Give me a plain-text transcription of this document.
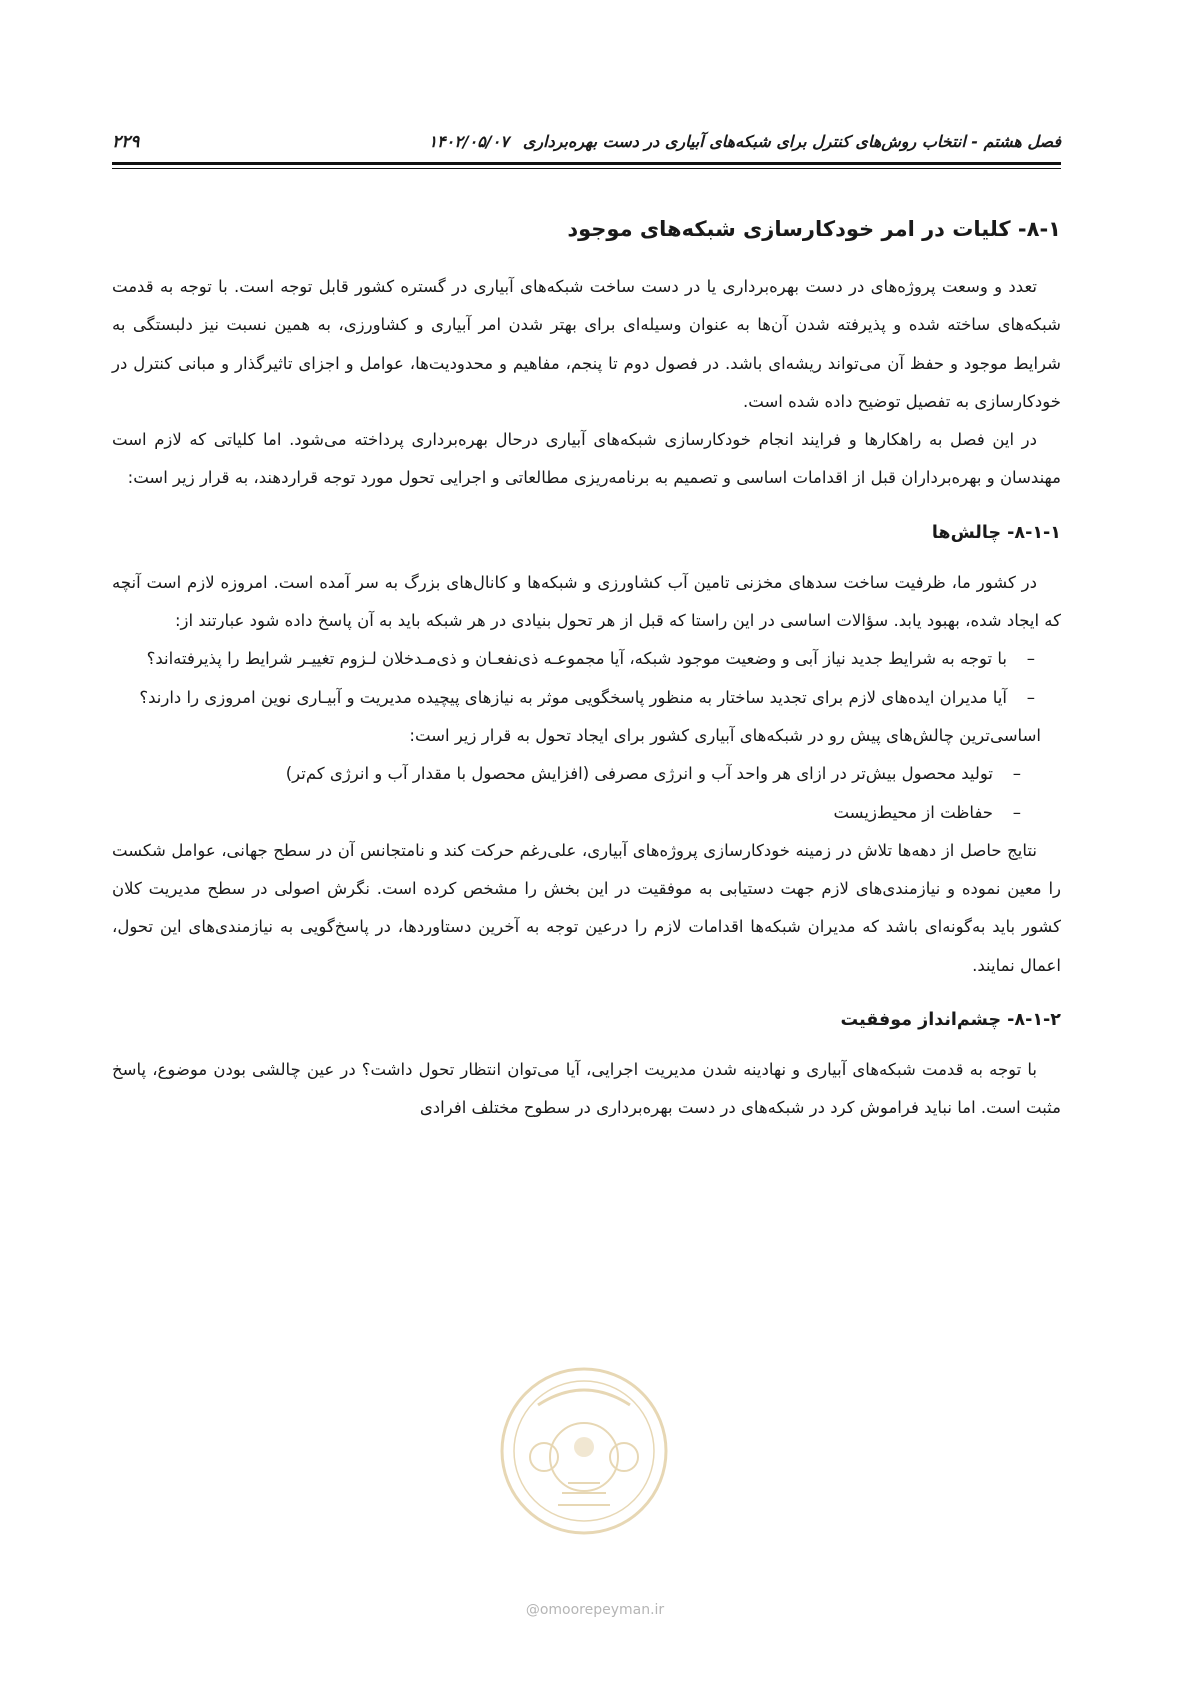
فصل هشتم - انتخاب روش‌های کنترل برای شبکه‌های آبیاری در دست بهره‌برداری۱۴۰۲/۰۵/۰۷
۲۲۹
۸-۱- کلیات در امر خودکارسازی شبکه‌های موجود

تعدد و وسعت پروژه‌های در دست بهره‌برداری یا در دست ساخت شبکه‌های آبیاری در گستره کشور قابل توجه است. با توجه به قدمت شبکه‌های ساخته شده و پذیرفته شدن آن‌ها به عنوان وسیله‌ای برای بهتر شدن امر آبیاری و کشاورزی، به همین نسبت نیز دلبستگی به شرایط موجود و حفظ آن می‌تواند ریشه‌ای باشد. در فصول دوم تا پنجم، مفاهیم و محدودیت‌ها، عوامل و اجزای تاثیرگذار و مبانی کنترل در خودکارسازی به تفصیل توضیح داده شده است.

در این فصل به راهکارها و فرایند انجام خودکارسازی شبکه‌های آبیاری درحال بهره‌برداری پرداخته می‌شود. اما کلیاتی که لازم است مهندسان و بهره‌برداران قبل از اقدامات اساسی و تصمیم به برنامه‌ریزی مطالعاتی و اجرایی تحول مورد توجه قراردهند، به قرار زیر است:

۸-۱-۱- چالش‌ها

در کشور ما، ظرفیت ساخت سدهای مخزنی تامین آب کشاورزی و شبکه‌ها و کانال‌های بزرگ به سر آمده است. امروزه لازم است آنچه که ایجاد شده، بهبود یابد. سؤالات اساسی در این راستا که قبل از هر تحول بنیادی در هر شبکه باید به آن پاسخ داده شود عبارتند از:

–
با توجه به شرایط جدید نیاز آبی و وضعیت موجود شبکه، آیا مجموعـه ذی‌نفعـان و ذی‌مـدخلان لـزوم تغییـر شرایط را پذیرفته‌اند؟
–
آیا مدیران ایده‌های لازم برای تجدید ساختار به منظور پاسخگویی موثر به نیازهای پیچیده مدیریت و آبیـاری نوین امروزی را دارند؟

اساسی‌ترین چالش‌های پیش رو در شبکه‌های آبیاری کشور برای ایجاد تحول به قرار زیر است:

–
تولید محصول بیش‌تر در ازای هر واحد آب و انرژی مصرفی (افزایش محصول با مقدار آب و انرژی کم‌تر)
–
حفاظت از محیط‌زیست

نتایج حاصل از دهه‌ها تلاش در زمینه خودکارسازی پروژه‌های آبیاری، علی‌رغم حرکت کند و نامتجانس آن در سطح جهانی، عوامل شکست را معین نموده و نیازمندی‌های لازم جهت دستیابی به موفقیت در این بخش را مشخص کرده است. نگرش اصولی در سطح مدیریت کلان کشور باید به‌گونه‌ای باشد که مدیران شبکه‌ها اقدامات لازم را درعین توجه به آخرین دستاوردها، در پاسخ‌گویی به نیازمندی‌های این تحول، اعمال نمایند.

۸-۱-۲- چشم‌انداز موفقیت

با توجه به قدمت شبکه‌های آبیاری و نهادینه شدن مدیریت اجرایی، آیا می‌توان انتظار تحول داشت؟ در عین چالشی بودن موضوع، پاسخ مثبت است. اما نباید فراموش کرد در شبکه‌های در دست بهره‌برداری در سطوح مختلف افرادی

@omoorepeyman.ir
